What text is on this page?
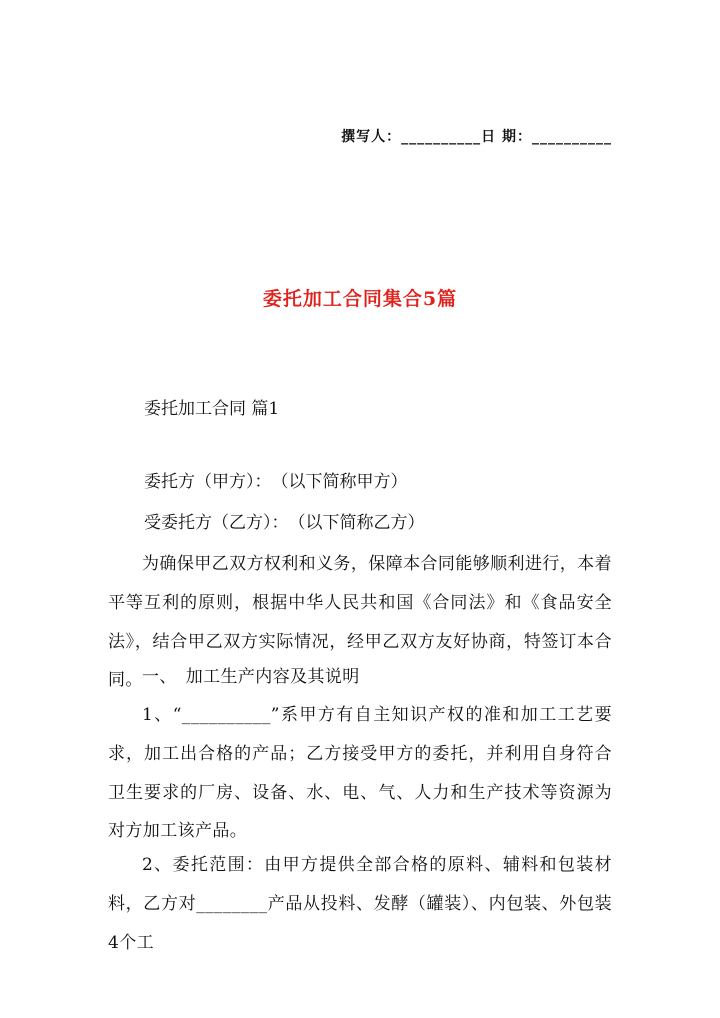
撰写人：__________日 期：__________
委托加工合同集合5篇
委托加工合同 篇1
委托方（甲方）：　（以下简称甲方）
受委托方（乙方）：　（以下简称乙方）
为确保甲乙双方权利和义务，保障本合同能够顺利进行，本着平等互利的原则，根据中华人民共和国《合同法》和《食品安全法》，结合甲乙双方实际情况，经甲乙双方友好协商，特签订本合同。 一、　加工生产内容及其说明
1、“__________”系甲方有自主知识产权的准和加工工艺要求，加工出合格的产品；乙方接受甲方的委托，并利用自身符合卫生要求的厂房、设备、水、电、气、人力和生产技术等资源为对方加工该产品。
2、委托范围：由甲方提供全部合格的原料、辅料和包装材料，乙方对________产品从投料、发酵（罐装）、内包装、外包装4个工
